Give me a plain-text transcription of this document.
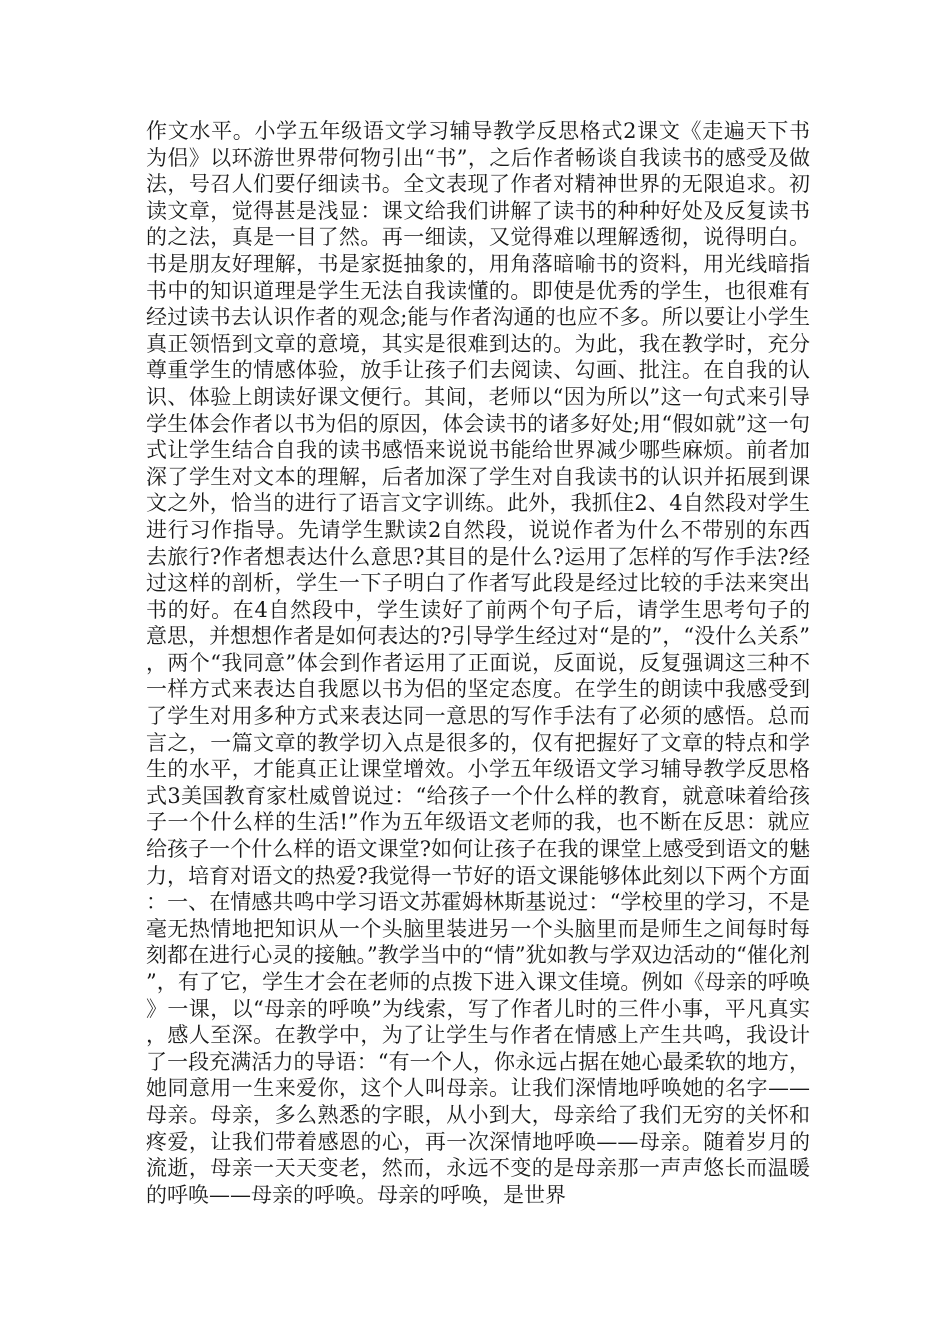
作文水平。小学五年级语文学习辅导教学反思格式2课文《走遍天下书为侣》以环游世界带何物引出“书”，之后作者畅谈自我读书的感受及做法，号召人们要仔细读书。全文表现了作者对精神世界的无限追求。初读文章，觉得甚是浅显：课文给我们讲解了读书的种种好处及反复读书的之法，真是一目了然。再一细读，又觉得难以理解透彻，说得明白。书是朋友好理解，书是家挺抽象的，用角落暗喻书的资料，用光线暗指书中的知识道理是学生无法自我读懂的。即使是优秀的学生，也很难有经过读书去认识作者的观念;能与作者沟通的也应不多。所以要让小学生真正领悟到文章的意境，其实是很难到达的。为此，我在教学时，充分尊重学生的情感体验，放手让孩子们去阅读、勾画、批注。在自我的认识、体验上朗读好课文便行。其间，老师以“因为所以”这一句式来引导学生体会作者以书为侣的原因，体会读书的诸多好处;用“假如就”这一句式让学生结合自我的读书感悟来说说书能给世界减少哪些麻烦。前者加深了学生对文本的理解，后者加深了学生对自我读书的认识并拓展到课文之外，恰当的进行了语言文字训练。此外，我抓住2、4自然段对学生进行习作指导。先请学生默读2自然段，说说作者为什么不带别的东西去旅行?作者想表达什么意思?其目的是什么?运用了怎样的写作手法?经过这样的剖析，学生一下子明白了作者写此段是经过比较的手法来突出书的好。在4自然段中，学生读好了前两个句子后，请学生思考句子的意思，并想想作者是如何表达的?引导学生经过对“是的”，“没什么关系”，两个“我同意”体会到作者运用了正面说，反面说，反复强调这三种不一样方式来表达自我愿以书为侣的坚定态度。在学生的朗读中我感受到了学生对用多种方式来表达同一意思的写作手法有了必须的感悟。总而言之，一篇文章的教学切入点是很多的，仅有把握好了文章的特点和学生的水平，才能真正让课堂增效。小学五年级语文学习辅导教学反思格式3美国教育家杜威曾说过：“给孩子一个什么样的教育，就意味着给孩子一个什么样的生活!”作为五年级语文老师的我，也不断在反思：就应给孩子一个什么样的语文课堂?如何让孩子在我的课堂上感受到语文的魅力，培育对语文的热爱?我觉得一节好的语文课能够体此刻以下两个方面：一、在情感共鸣中学习语文苏霍姆林斯基说过：“学校里的学习，不是毫无热情地把知识从一个头脑里装进另一个头脑里而是师生之间每时每刻都在进行心灵的接触。”教学当中的“情”犹如教与学双边活动的“催化剂”，有了它，学生才会在老师的点拨下进入课文佳境。例如《母亲的呼唤》一课，以“母亲的呼唤”为线索，写了作者儿时的三件小事，平凡真实，感人至深。在教学中，为了让学生与作者在情感上产生共鸣，我设计了一段充满活力的导语：“有一个人，你永远占据在她心最柔软的地方，她同意用一生来爱你，这个人叫母亲。让我们深情地呼唤她的名字——母亲。母亲，多么熟悉的字眼，从小到大，母亲给了我们无穷的关怀和疼爱，让我们带着感恩的心，再一次深情地呼唤——母亲。随着岁月的流逝，母亲一天天变老，然而，永远不变的是母亲那一声声悠长而温暖的呼唤——母亲的呼唤。母亲的呼唤，是世界
